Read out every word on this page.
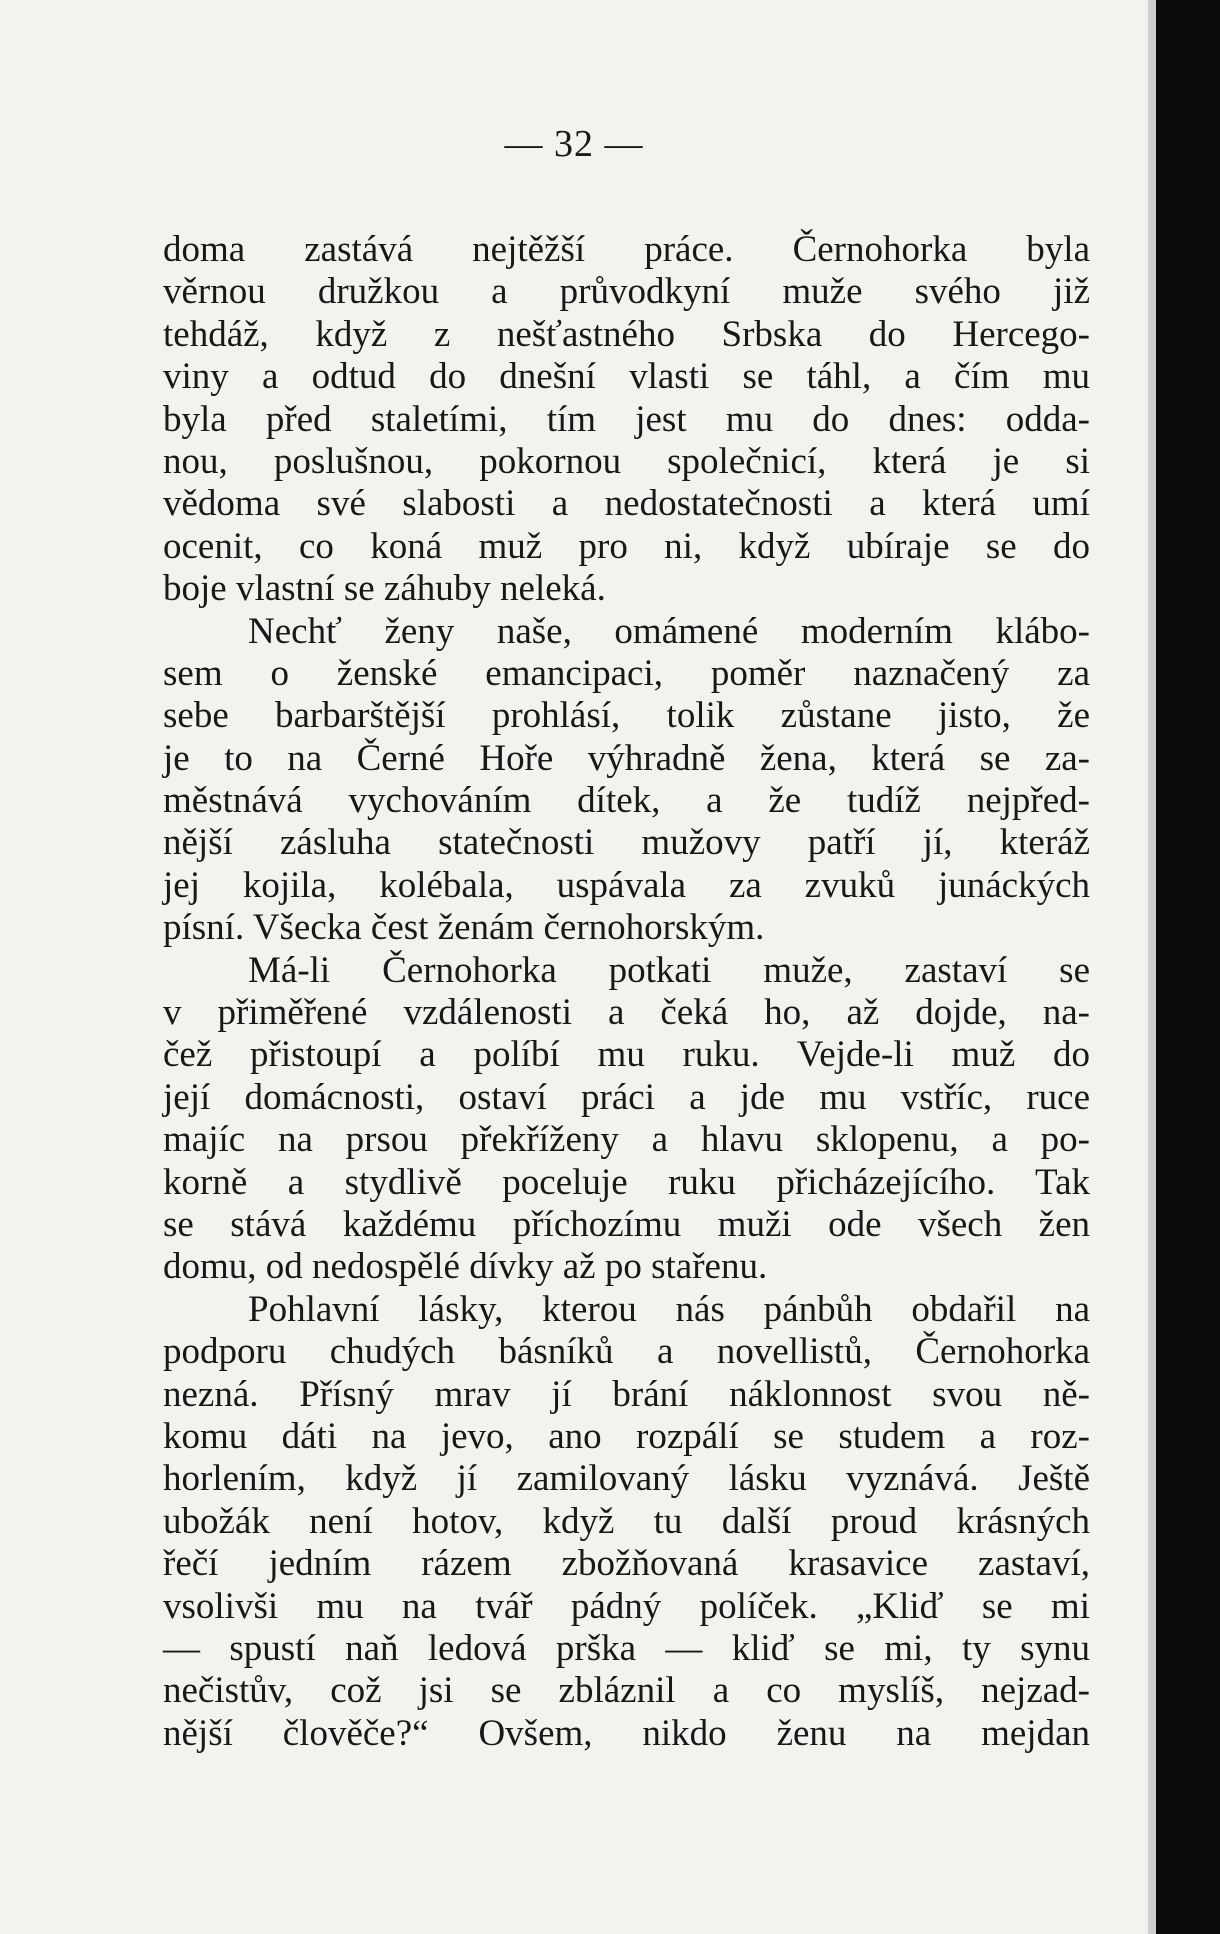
— 32 —
doma zastává nejtěžší práce. Černohorka byla
věrnou družkou a průvodkyní muže svého již
tehdáž, když z nešťastného Srbska do Hercego-
viny a odtud do dnešní vlasti se táhl, a čím mu
byla před staletími, tím jest mu do dnes: odda-
nou, poslušnou, pokornou společnicí, která je si
vědoma své slabosti a nedostatečnosti a která umí
ocenit, co koná muž pro ni, když ubíraje se do
boje vlastní se záhuby neleká.
Nechť ženy naše, omámené moderním klábo-
sem o ženské emancipaci, poměr naznačený za
sebe barbarštější prohlásí, tolik zůstane jisto, že
je to na Černé Hoře výhradně žena, která se za-
městnává vychováním dítek, a že tudíž nejpřed-
nější zásluha statečnosti mužovy patří jí, kteráž
jej kojila, kolébala, uspávala za zvuků junáckých
písní. Všecka čest ženám černohorským.
Má-li Černohorka potkati muže, zastaví se
v přiměřené vzdálenosti a čeká ho, až dojde, na-
čež přistoupí a políbí mu ruku. Vejde-li muž do
její domácnosti, ostaví práci a jde mu vstříc, ruce
majíc na prsou překříženy a hlavu sklopenu, a po-
korně a stydlivě poceluje ruku přicházejícího. Tak
se stává každému příchozímu muži ode všech žen
domu, od nedospělé dívky až po stařenu.
Pohlavní lásky, kterou nás pánbůh obdařil na
podporu chudých básníků a novellistů, Černohorka
nezná. Přísný mrav jí brání náklonnost svou ně-
komu dáti na jevo, ano rozpálí se studem a roz-
horlením, když jí zamilovaný lásku vyznává. Ještě
ubožák není hotov, když tu další proud krásných
řečí jedním rázem zbožňovaná krasavice zastaví,
vsolivši mu na tvář pádný políček. „Kliď se mi
— spustí naň ledová prška — kliď se mi, ty synu
nečistův, což jsi se zbláznil a co myslíš, nejzad-
nější člověče?“ Ovšem, nikdo ženu na mejdan
